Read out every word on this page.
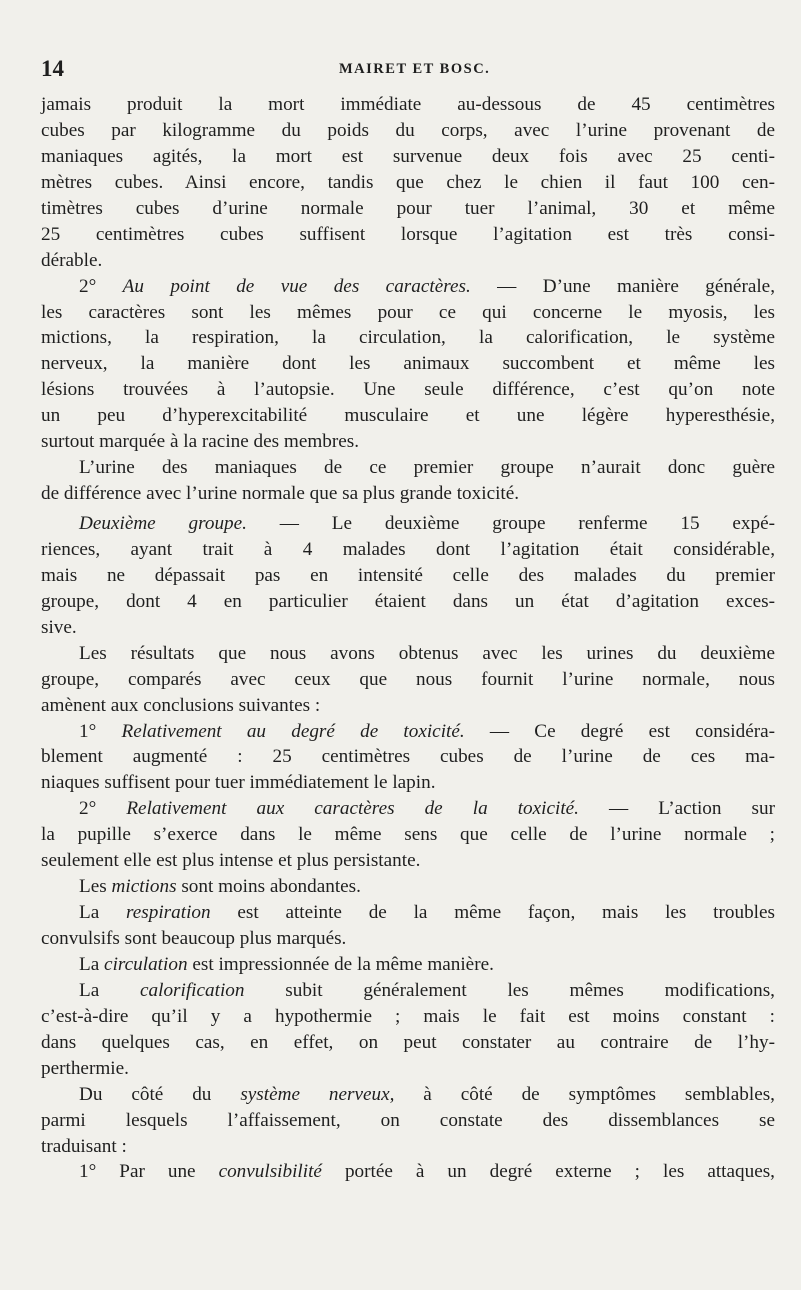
14	MAIRET ET BOSC.
jamais produit la mort immédiate au-dessous de 45 centimètres
cubes par kilogramme du poids du corps, avec l’urine provenant de
maniaques agités, la mort est survenue deux fois avec 25 centi-
mètres cubes. Ainsi encore, tandis que chez le chien il faut 100 cen-
timètres cubes d’urine normale pour tuer l’animal, 30 et même
25 centimètres cubes suffisent lorsque l’agitation est très consi-
dérable.
2° Au point de vue des caractères. — D’une manière générale,
les caractères sont les mêmes pour ce qui concerne le myosis, les
mictions, la respiration, la circulation, la calorification, le système
nerveux, la manière dont les animaux succombent et même les
lésions trouvées à l’autopsie. Une seule différence, c’est qu’on note
un peu d’hyperexcitabilité musculaire et une légère hyperesthésie,
surtout marquée à la racine des membres.
L’urine des maniaques de ce premier groupe n’aurait donc guère
de différence avec l’urine normale que sa plus grande toxicité.
Deuxième groupe. — Le deuxième groupe renferme 15 expé-
riences, ayant trait à 4 malades dont l’agitation était considérable,
mais ne dépassait pas en intensité celle des malades du premier
groupe, dont 4 en particulier étaient dans un état d’agitation exces-
sive.
Les résultats que nous avons obtenus avec les urines du deuxième
groupe, comparés avec ceux que nous fournit l’urine normale, nous
amènent aux conclusions suivantes :
1° Relativement au degré de toxicité. — Ce degré est considéra-
blement augmenté : 25 centimètres cubes de l’urine de ces ma-
niaques suffisent pour tuer immédiatement le lapin.
2° Relativement aux caractères de la toxicité. — L’action sur
la pupille s’exerce dans le même sens que celle de l’urine normale ;
seulement elle est plus intense et plus persistante.
Les mictions sont moins abondantes.
La respiration est atteinte de la même façon, mais les troubles
convulsifs sont beaucoup plus marqués.
La circulation est impressionnée de la même manière.
La calorification subit généralement les mêmes modifications,
c’est-à-dire qu’il y a hypothermie ; mais le fait est moins constant :
dans quelques cas, en effet, on peut constater au contraire de l’hy-
perthermie.
Du côté du système nerveux, à côté de symptômes semblables,
parmi lesquels l’affaissement, on constate des dissemblances se
traduisant :
1° Par une convulsibilité portée à un degré externe ; les attaques,
